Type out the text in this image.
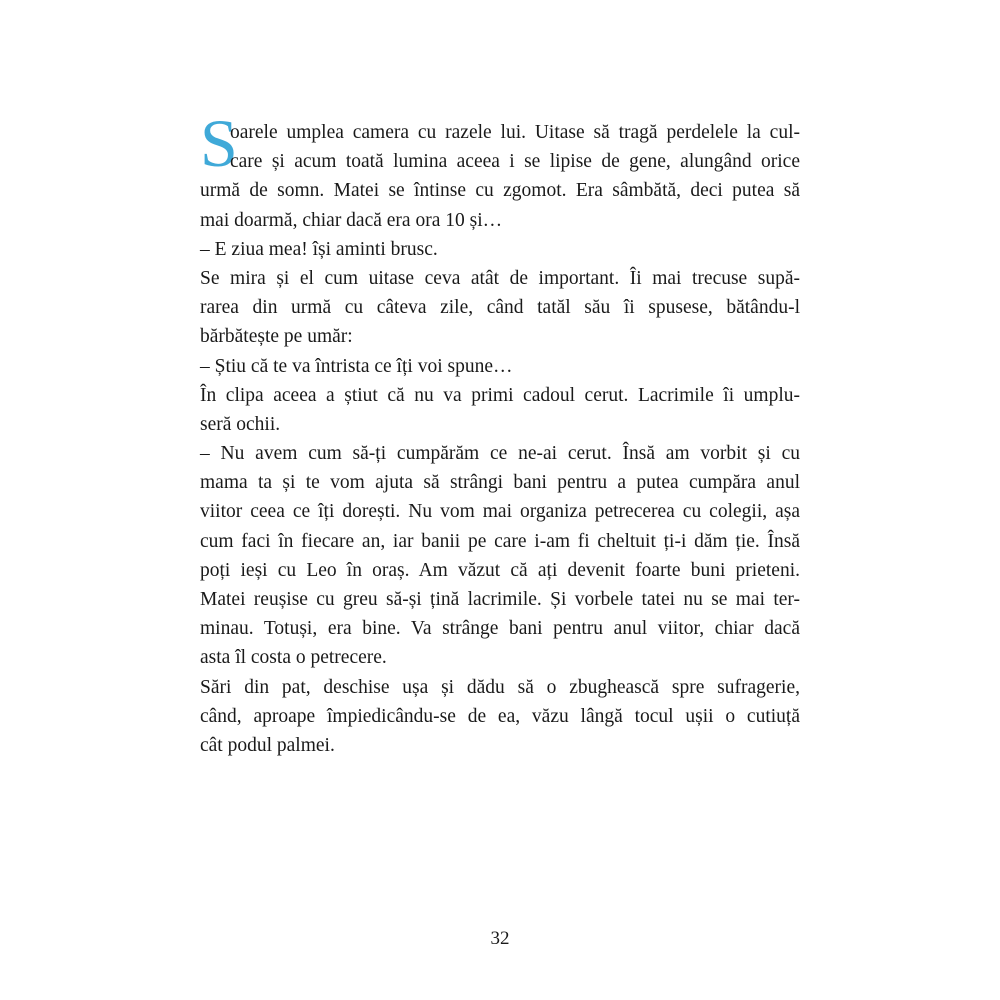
S
oarele umplea camera cu razele lui. Uitase să tragă perdelele la cul-
care și acum toată lumina aceea i se lipise de gene, alungând orice
urmă de somn. Matei se întinse cu zgomot. Era sâmbătă, deci putea să
mai doarmă, chiar dacă era ora 10 și…
– E ziua mea! își aminti brusc.
Se mira și el cum uitase ceva atât de important. Îi mai trecuse supă-
rarea din urmă cu câteva zile, când tatăl său îi spusese, bătându-l
bărbătește pe umăr:
– Știu că te va întrista ce îți voi spune…
În clipa aceea a știut că nu va primi cadoul cerut. Lacrimile îi umplu-
seră ochii.
– Nu avem cum să-ți cumpărăm ce ne-ai cerut. Însă am vorbit și cu
mama ta și te vom ajuta să strângi bani pentru a putea cumpăra anul
viitor ceea ce îți dorești. Nu vom mai organiza petrecerea cu colegii, așa
cum faci în fiecare an, iar banii pe care i-am fi cheltuit ți-i dăm ție. Însă
poți ieși cu Leo în oraș. Am văzut că ați devenit foarte buni prieteni.
Matei reușise cu greu să-și țină lacrimile. Și vorbele tatei nu se mai ter-
minau. Totuși, era bine. Va strânge bani pentru anul viitor, chiar dacă
asta îl costa o petrecere.
Sări din pat, deschise ușa și dădu să o zbughească spre sufragerie,
când, aproape împiedicându-se de ea, văzu lângă tocul ușii o cutiuță
cât podul palmei.
32
